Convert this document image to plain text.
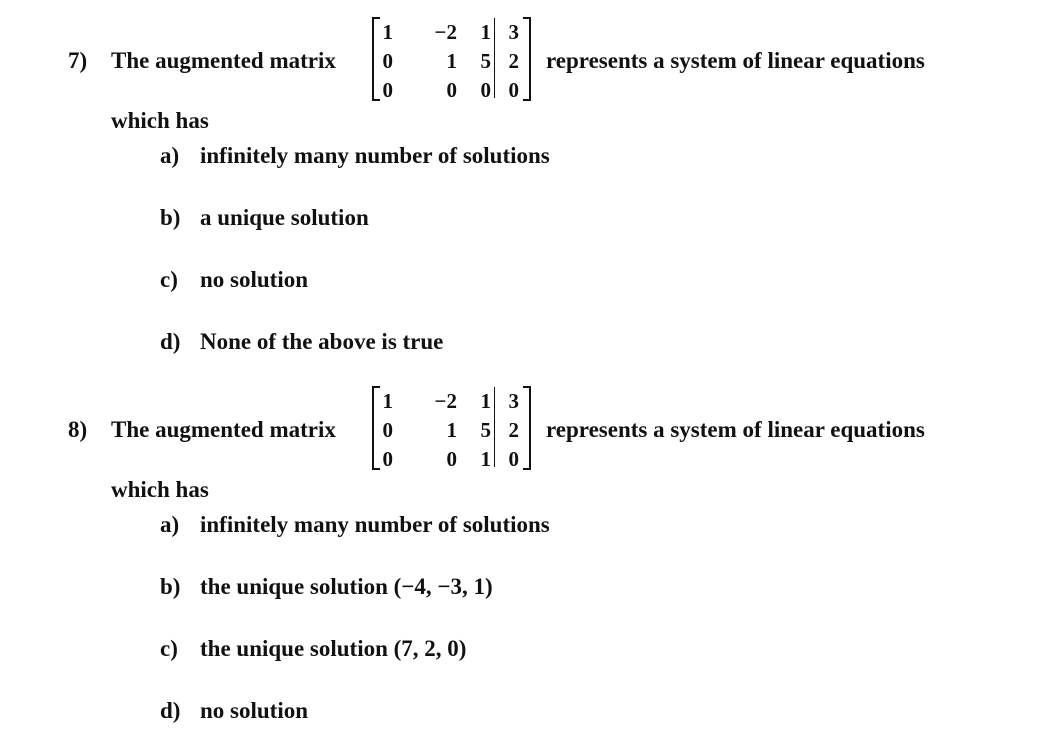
7) The augmented matrix
1	−2	1 3
0	1	5 2
0	0	0 0
represents a system of linear equations
which has
a) infinitely many number of solutions
b) a unique solution
c) no solution
d) None of the above is true
8) The augmented matrix
1	−2	1 3
0	1	5 2
0	0	1 0
represents a system of linear equations
which has
a) infinitely many number of solutions
b) the unique solution (−4, −3, 1)
c) the unique solution (7, 2, 0)
d) no solution
